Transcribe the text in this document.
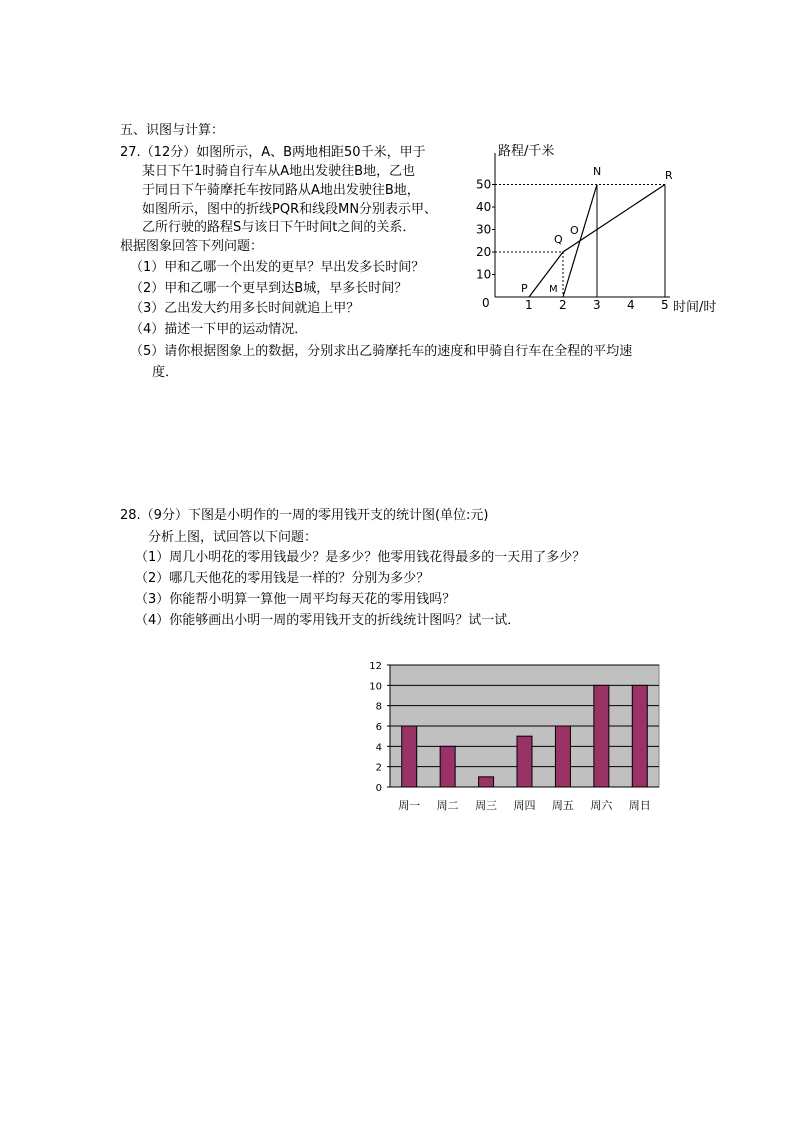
五、识图与计算：
27.（12分）如图所示，A、B两地相距50千米，甲于
某日下午1时骑自行车从A地出发驶往B地，乙也
于同日下午骑摩托车按同路从A地出发驶往B地，
如图所示，图中的折线PQR和线段MN分别表示甲、
乙所行驶的路程S与该日下午时间t之间的关系．
根据图象回答下列问题：
（1）甲和乙哪一个出发的更早？早出发多长时间？
（2）甲和乙哪一个更早到达B城，早多长时间？
（3）乙出发大约用多长时间就追上甲？
（4）描述一下甲的运动情况．
（5）请你根据图象上的数据，分别求出乙骑摩托车的速度和甲骑自行车在全程的平均速
度．
路程/千米
时间/时
0
10
20
30
40
50
1 2 3 4 5
P
Q
O
N	R
M
28.（9分）下图是小明作的一周的零用钱开支的统计图(单位:元)
分析上图，试回答以下问题：
（1）周几小明花的零用钱最少？是多少？他零用钱花得最多的一天用了多少？
（2）哪几天他花的零用钱是一样的？分别为多少？
（3）你能帮小明算一算他一周平均每天花的零用钱吗？
（4）你能够画出小明一周的零用钱开支的折线统计图吗？试一试．
0
2
4
6
8
10
12
周一 周二 周三 周四 周五 周六 周日
